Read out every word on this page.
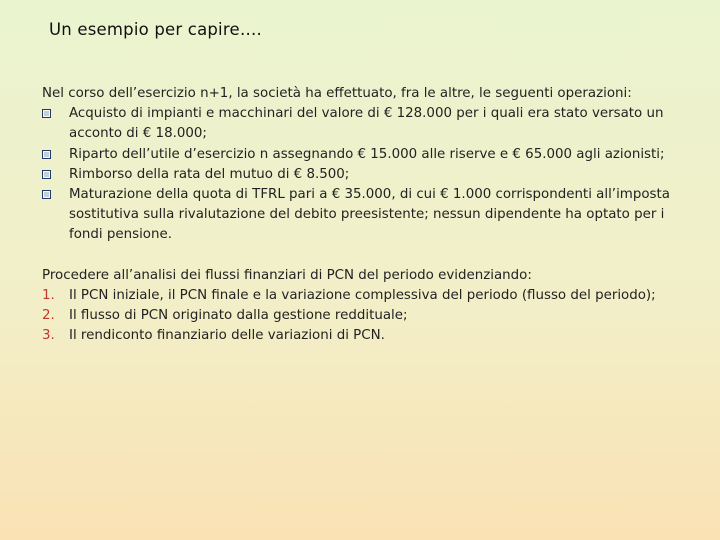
Un esempio per capire….

Nel corso dell’esercizio n+1, la società ha effettuato, fra le altre, le seguenti operazioni:

Acquisto di impianti e macchinari del valore di € 128.000 per i quali era stato versato un acconto di € 18.000;
Riparto dell’utile d’esercizio n assegnando € 15.000 alle riserve e € 65.000 agli azionisti;
Rimborso della rata del mutuo di € 8.500;
Maturazione della quota di TFRL pari a € 35.000, di cui € 1.000 corrispondenti all’imposta sostitutiva sulla rivalutazione del debito preesistente; nessun dipendente ha optato per i fondi pensione.

Procedere all’analisi dei flussi finanziari di PCN del periodo evidenziando:

1. Il PCN iniziale, il PCN finale e la variazione complessiva del periodo (flusso del periodo);
2. Il flusso di PCN originato dalla gestione reddituale;
3. Il rendiconto finanziario delle variazioni di PCN.
